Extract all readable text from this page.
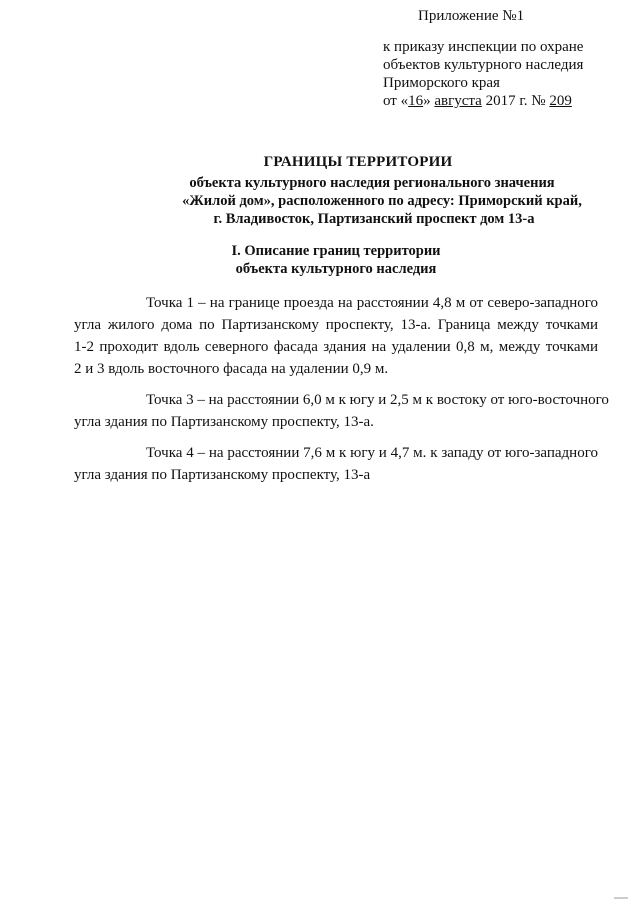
Приложение №1
к приказу инспекции по охране
объектов культурного наследия
Приморского края
от «16» августа 2017 г. № 209
ГРАНИЦЫ ТЕРРИТОРИИ
объекта культурного наследия регионального значения
«Жилой дом», расположенного по адресу: Приморский край,
г. Владивосток, Партизанский проспект дом 13-а
I. Описание границ территории
объекта культурного наследия
Точка 1 – на границе проезда на расстоянии 4,8 м от северо-западного
угла жилого дома по Партизанскому проспекту, 13-а. Граница между точками
1-2 проходит вдоль северного фасада здания на удалении 0,8 м, между точками
2 и 3 вдоль восточного фасада на удалении 0,9 м.
Точка 3 – на расстоянии 6,0 м к югу и 2,5 м к востоку от юго-восточного
угла здания по Партизанскому проспекту, 13-а.
Точка 4 – на расстоянии 7,6 м к югу и 4,7 м. к западу от юго-западного
угла здания по Партизанскому проспекту, 13-а
